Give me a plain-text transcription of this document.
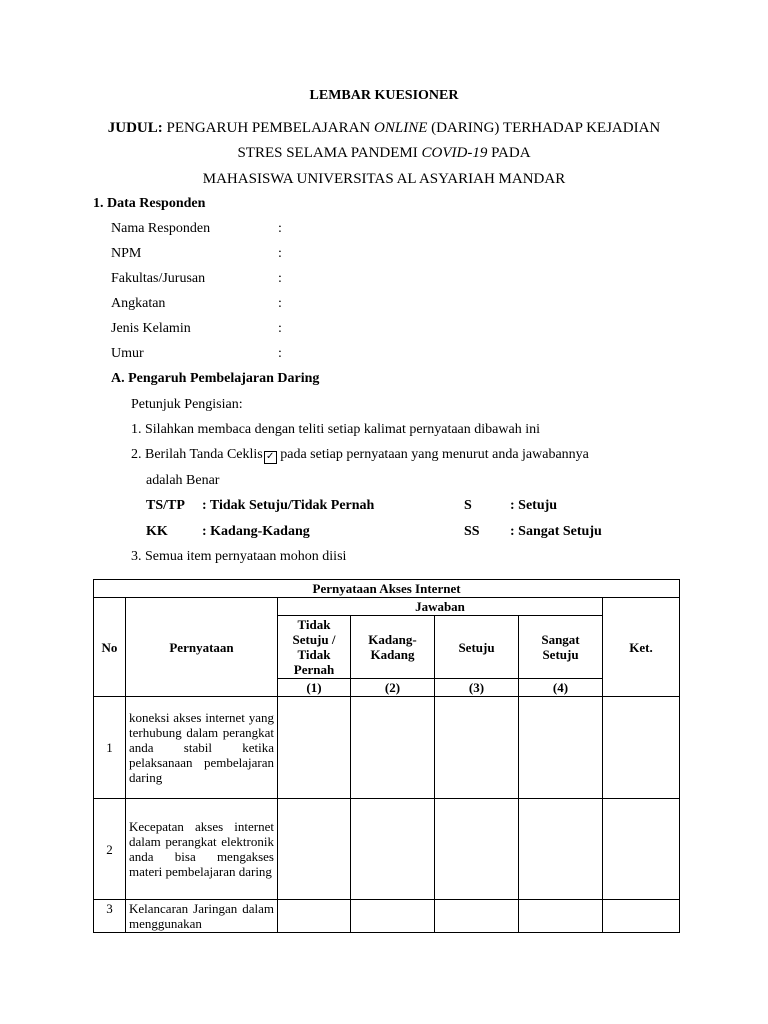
LEMBAR KUESIONER
JUDUL: PENGARUH PEMBELAJARAN ONLINE (DARING) TERHADAP KEJADIAN
STRES SELAMA PANDEMI COVID-19 PADA
MAHASISWA UNIVERSITAS AL ASYARIAH MANDAR
1. Data Responden
Nama Responden	:
NPM	:
Fakultas/Jurusan	:
Angkatan	:
Jenis Kelamin	:
Umur	:
A. Pengaruh Pembelajaran Daring
Petunjuk Pengisian:
1. Silahkan membaca dengan teliti setiap kalimat pernyataan dibawah ini
2. Berilah Tanda Ceklis ✓ pada setiap pernyataan yang menurut anda jawabannya
adalah Benar
TS/TP : Tidak Setuju/Tidak Pernah	S	: Setuju
KK : Kadang-Kadang	SS : Sangat Setuju
3. Semua item pernyataan mohon diisi
Pernyataan Akses Internet						
No	Pernyataan	Jawaban				Ket.
		Tidak Setuju / Tidak Pernah	Kadang-Kadang	Setuju	Sangat Setuju	
		(1)	(2)	(3)	(4)	
1	koneksi akses internet yang terhubung dalam perangkat anda stabil ketika pelaksanaan pembelajaran daring					
2	Kecepatan akses internet dalam perangkat elektronik anda bisa mengakses materi pembelajaran daring					
3	Kelancaran Jaringan dalam menggunakan					
